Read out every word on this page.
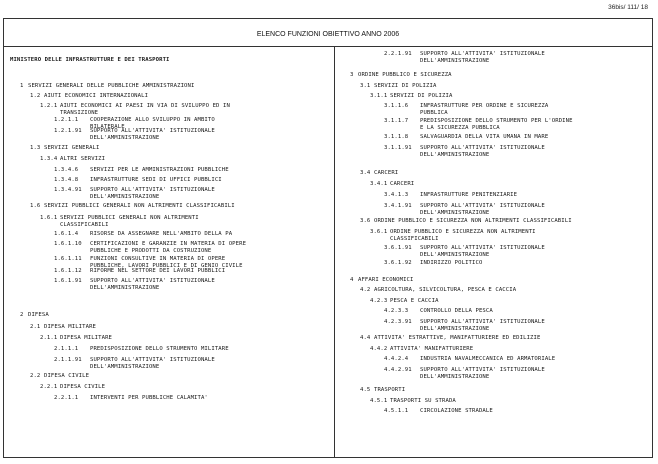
36bis/ 111/ 18
ELENCO FUNZIONI OBIETTIVO ANNO 2006
MINISTERO DELLE INFRASTRUTTURE E DEI TRASPORTI
1 SERVIZI GENERALI DELLE PUBBLICHE AMMINISTRAZIONI
1.2 AIUTI ECONOMICI INTERNAZIONALI
1.2.1 AIUTI ECONOMICI AI PAESI IN VIA DI SVILUPPO ED IN
TRANSIZIONE
1.2.1.1 COOPERAZIONE ALLO SVILUPPO IN AMBITO
BILATERALE
1.2.1.91 SUPPORTO ALL'ATTIVITA' ISTITUZIONALE
DELL'AMMINISTRAZIONE
1.3 SERVIZI GENERALI
1.3.4 ALTRI SERVIZI
1.3.4.6 SERVIZI PER LE AMMINISTRAZIONI PUBBLICHE
1.3.4.8 INFRASTRUTTURE SEDI DI UFFICI PUBBLICI
1.3.4.91 SUPPORTO ALL'ATTIVITA' ISTITUZIONALE
DELL'AMMINISTRAZIONE
1.6 SERVIZI PUBBLICI GENERALI NON ALTRIMENTI CLASSIFICABILI
1.6.1 SERVIZI PUBBLICI GENERALI NON ALTRIMENTI
CLASSIFICABILI
1.6.1.4 RISORSE DA ASSEGNARE NELL'AMBITO DELLA PA
1.6.1.10 CERTIFICAZIONI E GARANZIE IN MATERIA DI OPERE
PUBBLICHE E PRODOTTI DA COSTRUZIONE
1.6.1.11 FUNZIONI CONSULTIVE IN MATERIA DI OPERE
PUBBLICHE, LAVORI PUBBLICI E DI GENIO CIVILE
1.6.1.12 RIFORME NEL SETTORE DEI LAVORI PUBBLICI
1.6.1.91 SUPPORTO ALL'ATTIVITA' ISTITUZIONALE
DELL'AMMINISTRAZIONE
2 DIFESA
2.1 DIFESA MILITARE
2.1.1 DIFESA MILITARE
2.1.1.1 PREDISPOSIZIONE DELLO STRUMENTO MILITARE
2.1.1.91 SUPPORTO ALL'ATTIVITA' ISTITUZIONALE
DELL'AMMINISTRAZIONE
2.2 DIFESA CIVILE
2.2.1 DIFESA CIVILE
2.2.1.1 INTERVENTI PER PUBBLICHE CALAMITA'
2.2.1.91 SUPPORTO ALL'ATTIVITA' ISTITUZIONALE
DELL'AMMINISTRAZIONE
3 ORDINE PUBBLICO E SICUREZZA
3.1 SERVIZI DI POLIZIA
3.1.1 SERVIZI DI POLIZIA
3.1.1.6 INFRASTRUTTURE PER ORDINE E SICUREZZA
PUBBLICA
3.1.1.7 PREDISPOSIZIONE DELLO STRUMENTO PER L'ORDINE
E LA SICUREZZA PUBBLICA
3.1.1.8 SALVAGUARDIA DELLA VITA UMANA IN MARE
3.1.1.91 SUPPORTO ALL'ATTIVITA' ISTITUZIONALE
DELL'AMMINISTRAZIONE
3.4 CARCERI
3.4.1 CARCERI
3.4.1.3 INFRASTRUTTURE PENITENZIARIE
3.4.1.91 SUPPORTO ALL'ATTIVITA' ISTITUZIONALE
DELL'AMMINISTRAZIONE
3.6 ORDINE PUBBLICO E SICUREZZA NON ALTRIMENTI CLASSIFICABILI
3.6.1 ORDINE PUBBLICO E SICUREZZA NON ALTRIMENTI
CLASSIFICABILI
3.6.1.91 SUPPORTO ALL'ATTIVITA' ISTITUZIONALE
DELL'AMMINISTRAZIONE
3.6.1.92 INDIRIZZO POLITICO
4 AFFARI ECONOMICI
4.2 AGRICOLTURA, SILVICOLTURA, PESCA E CACCIA
4.2.3 PESCA E CACCIA
4.2.3.3 CONTROLLO DELLA PESCA
4.2.3.91 SUPPORTO ALL'ATTIVITA' ISTITUZIONALE
DELL'AMMINISTRAZIONE
4.4 ATTIVITA' ESTRATTIVE, MANIFATTURIERE ED EDILIZIE
4.4.2 ATTIVITA' MANIFATTURIERE
4.4.2.4 INDUSTRIA NAVALMECCANICA ED ARMATORIALE
4.4.2.91 SUPPORTO ALL'ATTIVITA' ISTITUZIONALE
DELL'AMMINISTRAZIONE
4.5 TRASPORTI
4.5.1 TRASPORTI SU STRADA
4.5.1.1 CIRCOLAZIONE STRADALE
